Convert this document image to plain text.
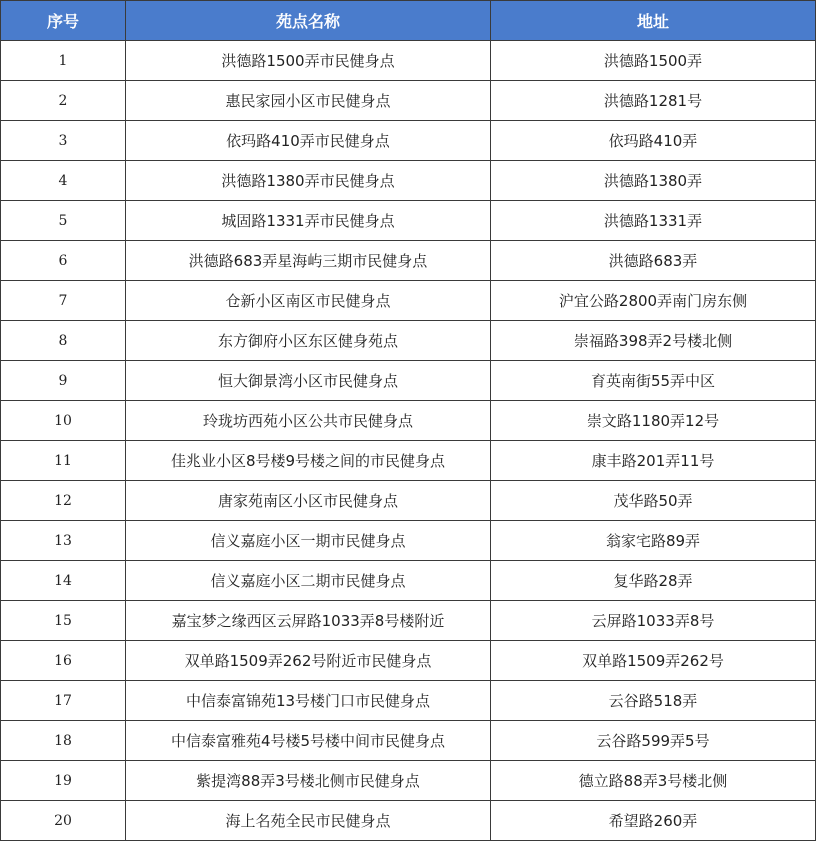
序号	苑点名称	地址
1	洪德路1500弄市民健身点	洪德路1500弄
2	惠民家园小区市民健身点	洪德路1281号
3	依玛路410弄市民健身点	依玛路410弄
4	洪德路1380弄市民健身点	洪德路1380弄
5	城固路1331弄市民健身点	洪德路1331弄
6	洪德路683弄星海屿三期市民健身点	洪德路683弄
7	仓新小区南区市民健身点	沪宜公路2800弄南门房东侧
8	东方御府小区东区健身苑点	崇福路398弄2号楼北侧
9	恒大御景湾小区市民健身点	育英南街55弄中区
10	玲珑坊西苑小区公共市民健身点	崇文路1180弄12号
11	佳兆业小区8号楼9号楼之间的市民健身点	康丰路201弄11号
12	唐家苑南区小区市民健身点	茂华路50弄
13	信义嘉庭小区一期市民健身点	翁家宅路89弄
14	信义嘉庭小区二期市民健身点	复华路28弄
15	嘉宝梦之缘西区云屏路1033弄8号楼附近	云屏路1033弄8号
16	双单路1509弄262号附近市民健身点	双单路1509弄262号
17	中信泰富锦苑13号楼门口市民健身点	云谷路518弄
18	中信泰富雅苑4号楼5号楼中间市民健身点	云谷路599弄5号
19	紫提湾88弄3号楼北侧市民健身点	德立路88弄3号楼北侧
20	海上名苑全民市民健身点	希望路260弄
